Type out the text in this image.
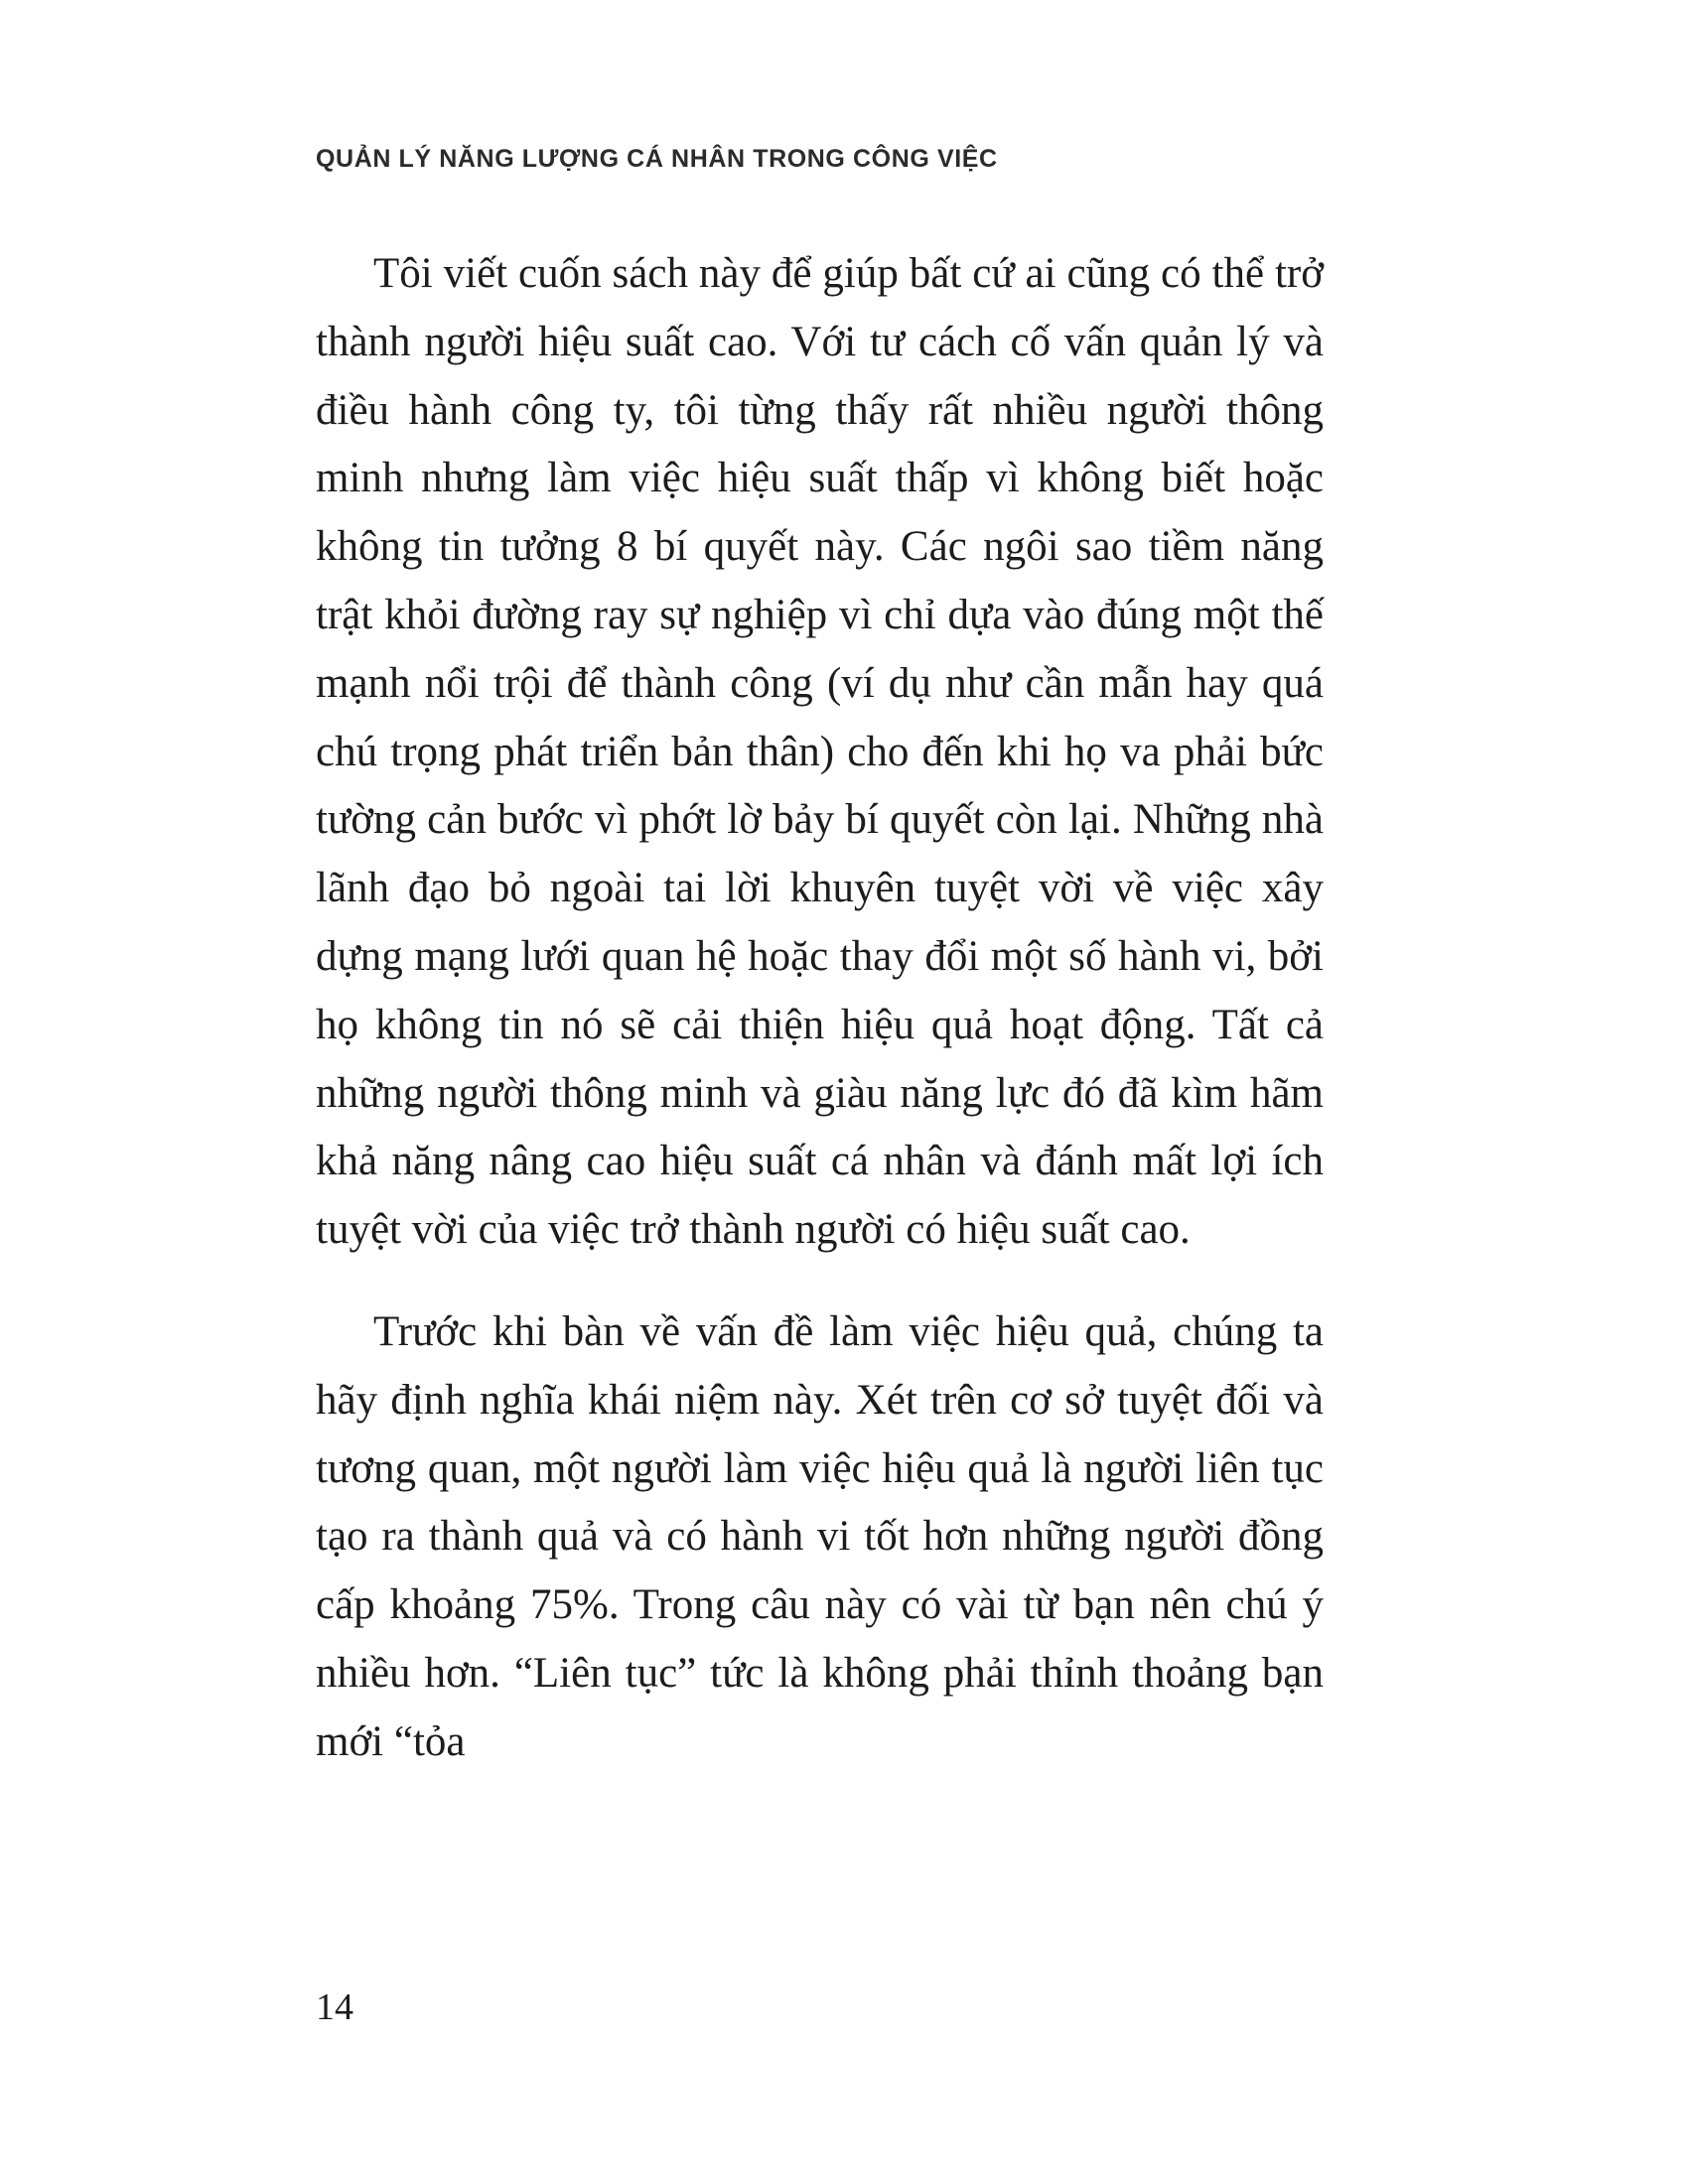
QUẢN LÝ NĂNG LƯỢNG CÁ NHÂN TRONG CÔNG VIỆC

Tôi viết cuốn sách này để giúp bất cứ ai cũng có thể trở thành người hiệu suất cao. Với tư cách cố vấn quản lý và điều hành công ty, tôi từng thấy rất nhiều người thông minh nhưng làm việc hiệu suất thấp vì không biết hoặc không tin tưởng 8 bí quyết này. Các ngôi sao tiềm năng trật khỏi đường ray sự nghiệp vì chỉ dựa vào đúng một thế mạnh nổi trội để thành công (ví dụ như cần mẫn hay quá chú trọng phát triển bản thân) cho đến khi họ va phải bức tường cản bước vì phớt lờ bảy bí quyết còn lại. Những nhà lãnh đạo bỏ ngoài tai lời khuyên tuyệt vời về việc xây dựng mạng lưới quan hệ hoặc thay đổi một số hành vi, bởi họ không tin nó sẽ cải thiện hiệu quả hoạt động. Tất cả những người thông minh và giàu năng lực đó đã kìm hãm khả năng nâng cao hiệu suất cá nhân và đánh mất lợi ích tuyệt vời của việc trở thành người có hiệu suất cao.

Trước khi bàn về vấn đề làm việc hiệu quả, chúng ta hãy định nghĩa khái niệm này. Xét trên cơ sở tuyệt đối và tương quan, một người làm việc hiệu quả là người liên tục tạo ra thành quả và có hành vi tốt hơn những người đồng cấp khoảng 75%. Trong câu này có vài từ bạn nên chú ý nhiều hơn. “Liên tục” tức là không phải thỉnh thoảng bạn mới “tỏa

14
